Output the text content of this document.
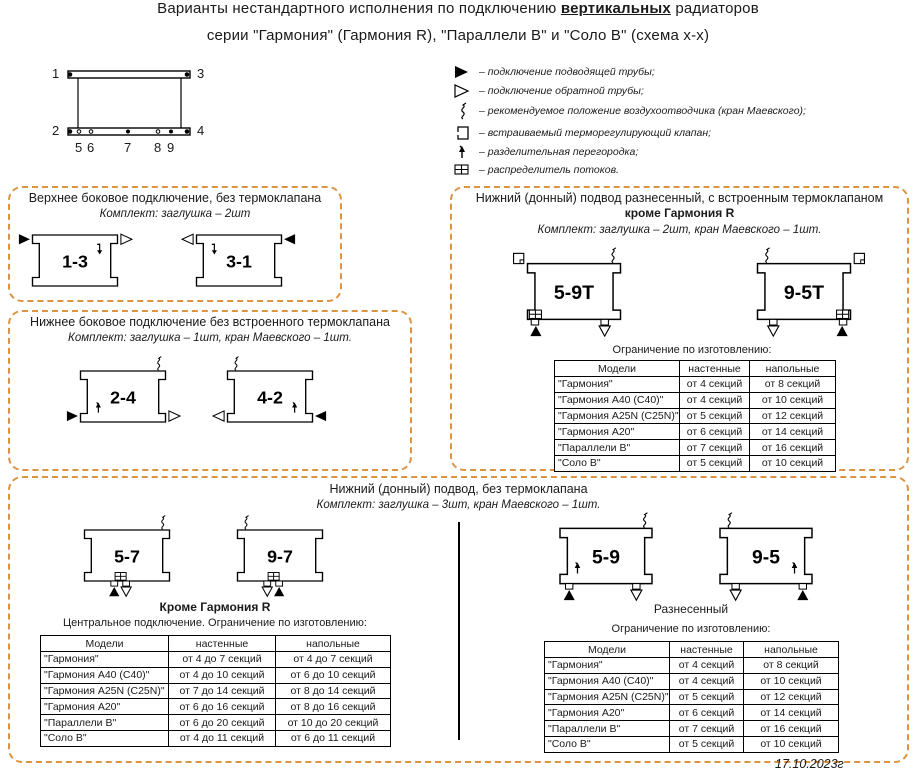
Варианты нестандартного исполнения по подключению вертикальных радиаторов
серии "Гармония" (Гармония R), "Параллели В" и "Соло В" (схема х-х)
1	3
2	4
5 6 7 8 9
– подключение подводящей трубы;
– подключение обратной трубы;
– рекомендуемое положение воздухоотводчика (кран Маевского);
– встраиваемый терморегулирующий клапан;
– разделительная перегородка;
– распределитель потоков.
Верхнее боковое подключение, без термоклапана
Комплект: заглушка – 2шт
1-3	3-1
Нижнее боковое подключение без встроенного термоклапана
Комплект: заглушка – 1шт, кран Маевского – 1шт.
2-4	4-2
Нижний (донный) подвод разнесенный, с встроенным термоклапаном
кроме Гармония R
Комплект: заглушка – 2шт, кран Маевского – 1шт.
5-9Т	9-5Т
Ограничение по изготовлению:
Модели	настенные	напольные
"Гармония"	от 4 секций	от 8 секций
"Гармония А40 (С40)"	от 4 секций	от 10 секций
"Гармония А25N (С25N)"	от 5 секций	от 12 секций
"Гармония А20"	от 6 секций	от 14 секций
"Параллели В"	от 7 секций	от 16 секций
"Соло В"	от 5 секций	от 10 секций
Нижний (донный) подвод, без термоклапана
Комплект: заглушка – 3шт, кран Маевского – 1шт.
5-7	9-7
Кроме Гармония R
Центральное подключение. Ограничение по изготовлению:
Модели	настенные	напольные
"Гармония"	от 4 до 7 секций	от 4 до 7 секций
"Гармония А40 (С40)"	от 4 до 10 секций	от 6 до 10 секций
"Гармония А25N (С25N)"	от 7 до 14 секций	от 8 до 14 секций
"Гармония А20"	от 6 до 16 секций	от 8 до 16 секций
"Параллели В"	от 6 до 20 секций	от 10 до 20 секций
"Соло В"	от 4 до 11 секций	от 6 до 11 секций
5-9	9-5
Разнесенный
Ограничение по изготовлению:
Модели	настенные	напольные
"Гармония"	от 4 секций	от 8 секций
"Гармония А40 (С40)"	от 4 секций	от 10 секций
"Гармония А25N (С25N)"	от 5 секций	от 12 секций
"Гармония А20"	от 6 секций	от 14 секций
"Параллели В"	от 7 секций	от 16 секций
"Соло В"	от 5 секций	от 10 секций
17.10.2023г
